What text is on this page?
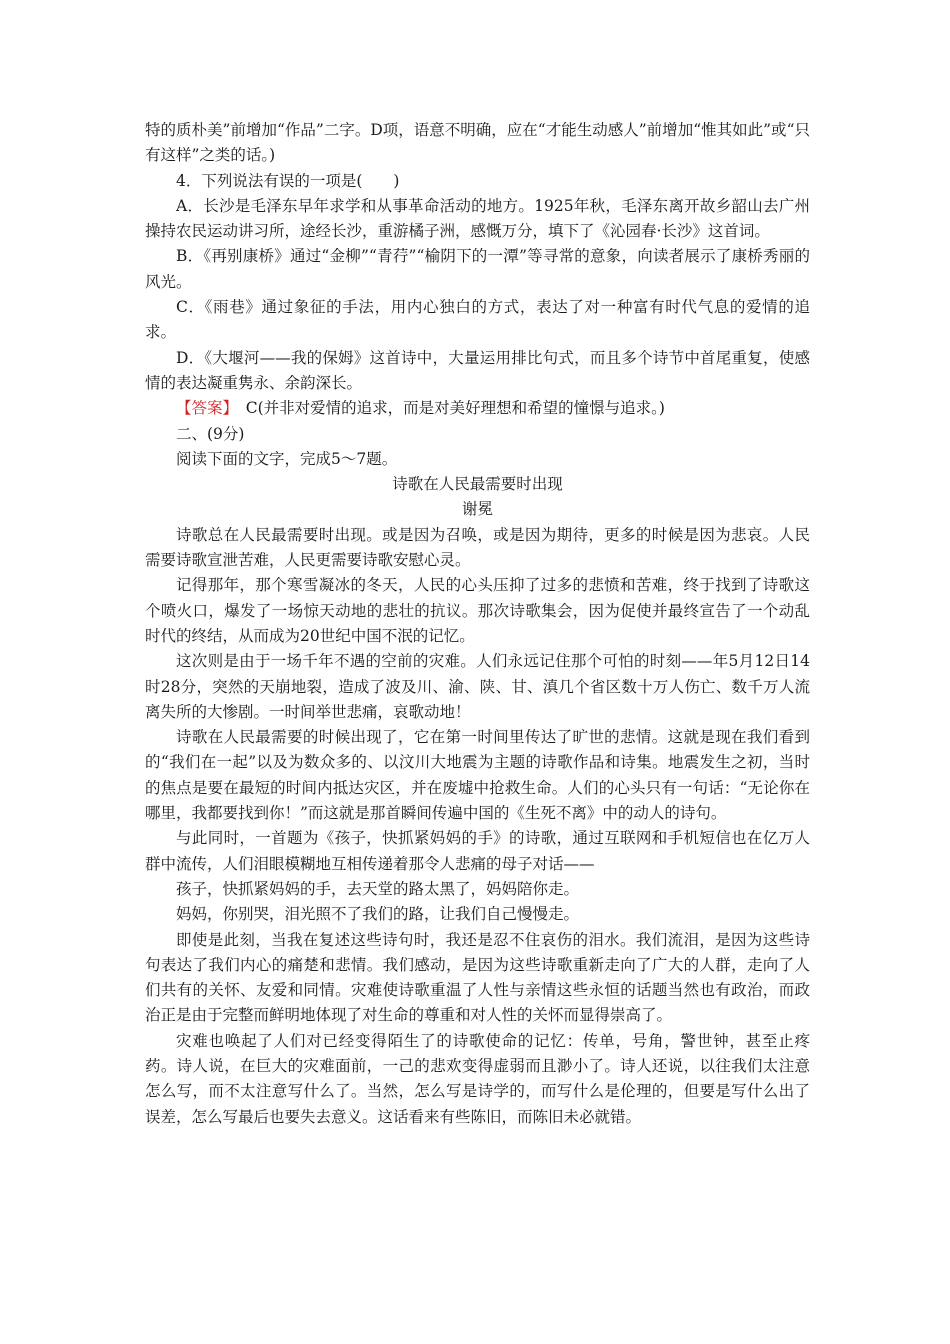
特的质朴美”前增加“作品”二字。D项，语意不明确，应在“才能生动感人”前增加“惟其如此”或“只有这样”之类的话。)

4．下列说法有误的一项是(　　)

A．长沙是毛泽东早年求学和从事革命活动的地方。1925年秋，毛泽东离开故乡韶山去广州操持农民运动讲习所，途经长沙，重游橘子洲，感慨万分，填下了《沁园春·长沙》这首词。

B．《再别康桥》通过“金柳”“青荇”“榆阴下的一潭”等寻常的意象，向读者展示了康桥秀丽的风光。

C．《雨巷》通过象征的手法，用内心独白的方式，表达了对一种富有时代气息的爱情的追求。

D．《大堰河——我的保姆》这首诗中，大量运用排比句式，而且多个诗节中首尾重复，使感情的表达凝重隽永、余韵深长。

【答案】　C(并非对爱情的追求，而是对美好理想和希望的憧憬与追求。)

二、(9分)

阅读下面的文字，完成5～7题。

诗歌在人民最需要时出现

谢冕

诗歌总在人民最需要时出现。或是因为召唤，或是因为期待，更多的时候是因为悲哀。人民需要诗歌宣泄苦难，人民更需要诗歌安慰心灵。

记得那年，那个寒雪凝冰的冬天，人民的心头压抑了过多的悲愤和苦难，终于找到了诗歌这个喷火口，爆发了一场惊天动地的悲壮的抗议。那次诗歌集会，因为促使并最终宣告了一个动乱时代的终结，从而成为20世纪中国不泯的记忆。

这次则是由于一场千年不遇的空前的灾难。人们永远记住那个可怕的时刻——年5月12日14时28分，突然的天崩地裂，造成了波及川、渝、陕、甘、滇几个省区数十万人伤亡、数千万人流离失所的大惨剧。一时间举世悲痛，哀歌动地！

诗歌在人民最需要的时候出现了，它在第一时间里传达了旷世的悲情。这就是现在我们看到的“我们在一起”以及为数众多的、以汶川大地震为主题的诗歌作品和诗集。地震发生之初，当时的焦点是要在最短的时间内抵达灾区，并在废墟中抢救生命。人们的心头只有一句话：“无论你在哪里，我都要找到你！”而这就是那首瞬间传遍中国的《生死不离》中的动人的诗句。

与此同时，一首题为《孩子，快抓紧妈妈的手》的诗歌，通过互联网和手机短信也在亿万人群中流传，人们泪眼模糊地互相传递着那令人悲痛的母子对话——

孩子，快抓紧妈妈的手，去天堂的路太黑了，妈妈陪你走。

妈妈，你别哭，泪光照不了我们的路，让我们自己慢慢走。

即使是此刻，当我在复述这些诗句时，我还是忍不住哀伤的泪水。我们流泪，是因为这些诗句表达了我们内心的痛楚和悲情。我们感动，是因为这些诗歌重新走向了广大的人群，走向了人们共有的关怀、友爱和同情。灾难使诗歌重温了人性与亲情这些永恒的话题当然也有政治，而政治正是由于完整而鲜明地体现了对生命的尊重和对人性的关怀而显得崇高了。

灾难也唤起了人们对已经变得陌生了的诗歌使命的记忆：传单，号角，警世钟，甚至止疼药。诗人说，在巨大的灾难面前，一己的悲欢变得虚弱而且渺小了。诗人还说，以往我们太注意怎么写，而不太注意写什么了。当然，怎么写是诗学的，而写什么是伦理的，但要是写什么出了误差，怎么写最后也要失去意义。这话看来有些陈旧，而陈旧未必就错。
